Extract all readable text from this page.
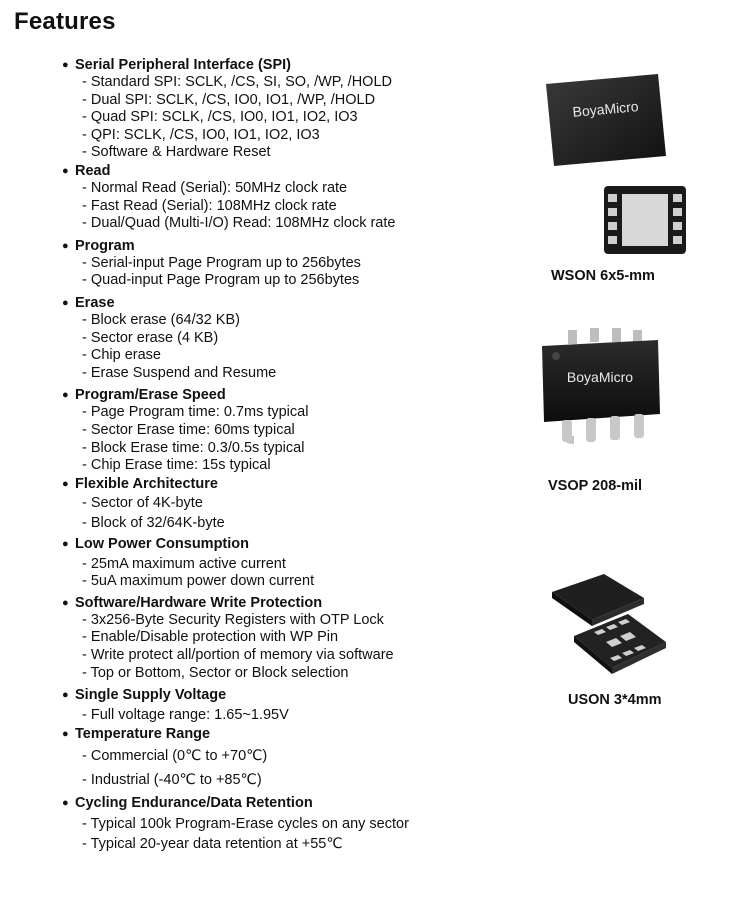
Features
● Serial Peripheral Interface (SPI)
- Standard SPI: SCLK, /CS, SI, SO, /WP, /HOLD
- Dual SPI: SCLK, /CS, IO0, IO1, /WP, /HOLD
- Quad SPI: SCLK, /CS, IO0, IO1, IO2, IO3
- QPI: SCLK, /CS, IO0, IO1, IO2, IO3
- Software & Hardware Reset
● Read
- Normal Read (Serial): 50MHz clock rate
- Fast Read (Serial): 108MHz clock rate
- Dual/Quad (Multi-I/O) Read: 108MHz clock rate
● Program
- Serial-input Page Program up to 256bytes
- Quad-input Page Program up to 256bytes
● Erase
- Block erase (64/32 KB)
- Sector erase (4 KB)
- Chip erase
- Erase Suspend and Resume
● Program/Erase Speed
- Page Program time: 0.7ms typical
- Sector Erase time: 60ms typical
- Block Erase time: 0.3/0.5s typical
- Chip Erase time: 15s typical
● Flexible Architecture
- Sector of 4K-byte
- Block of 32/64K-byte
● Low Power Consumption
- 25mA maximum active current
- 5uA maximum power down current
● Software/Hardware Write Protection
- 3x256-Byte Security Registers with OTP Lock
- Enable/Disable protection with WP Pin
- Write protect all/portion of memory via software
- Top or Bottom, Sector or Block selection
● Single Supply Voltage
- Full voltage range: 1.65~1.95V
● Temperature Range
- Commercial (0℃ to +70℃)
- Industrial (-40℃ to +85℃)
● Cycling Endurance/Data Retention
- Typical 100k Program-Erase cycles on any sector
- Typical 20-year data retention at +55℃
BoyaMicro
WSON 6x5-mm
BoyaMicro
VSOP 208-mil
USON 3*4mm
